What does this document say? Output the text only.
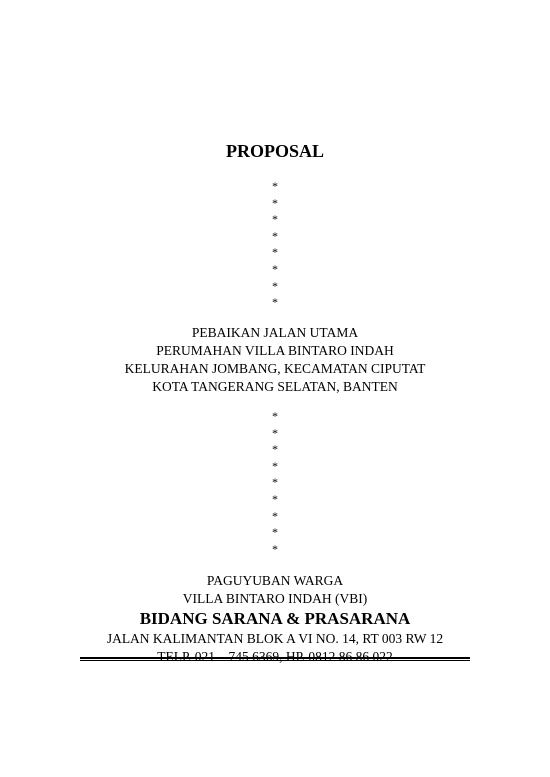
PROPOSAL
*
*
*
*
*
*
*
*
PEBAIKAN JALAN UTAMA
PERUMAHAN VILLA BINTARO INDAH
KELURAHAN JOMBANG, KECAMATAN CIPUTAT
KOTA TANGERANG SELATAN, BANTEN
*
*
*
*
*
*
*
*
*
PAGUYUBAN WARGA
VILLA BINTARO INDAH (VBI)
BIDANG SARANA & PRASARANA
JALAN KALIMANTAN BLOK A VI NO. 14, RT 003 RW 12
TELP. 021 – 745 6369, HP. 0812 86 86 022
